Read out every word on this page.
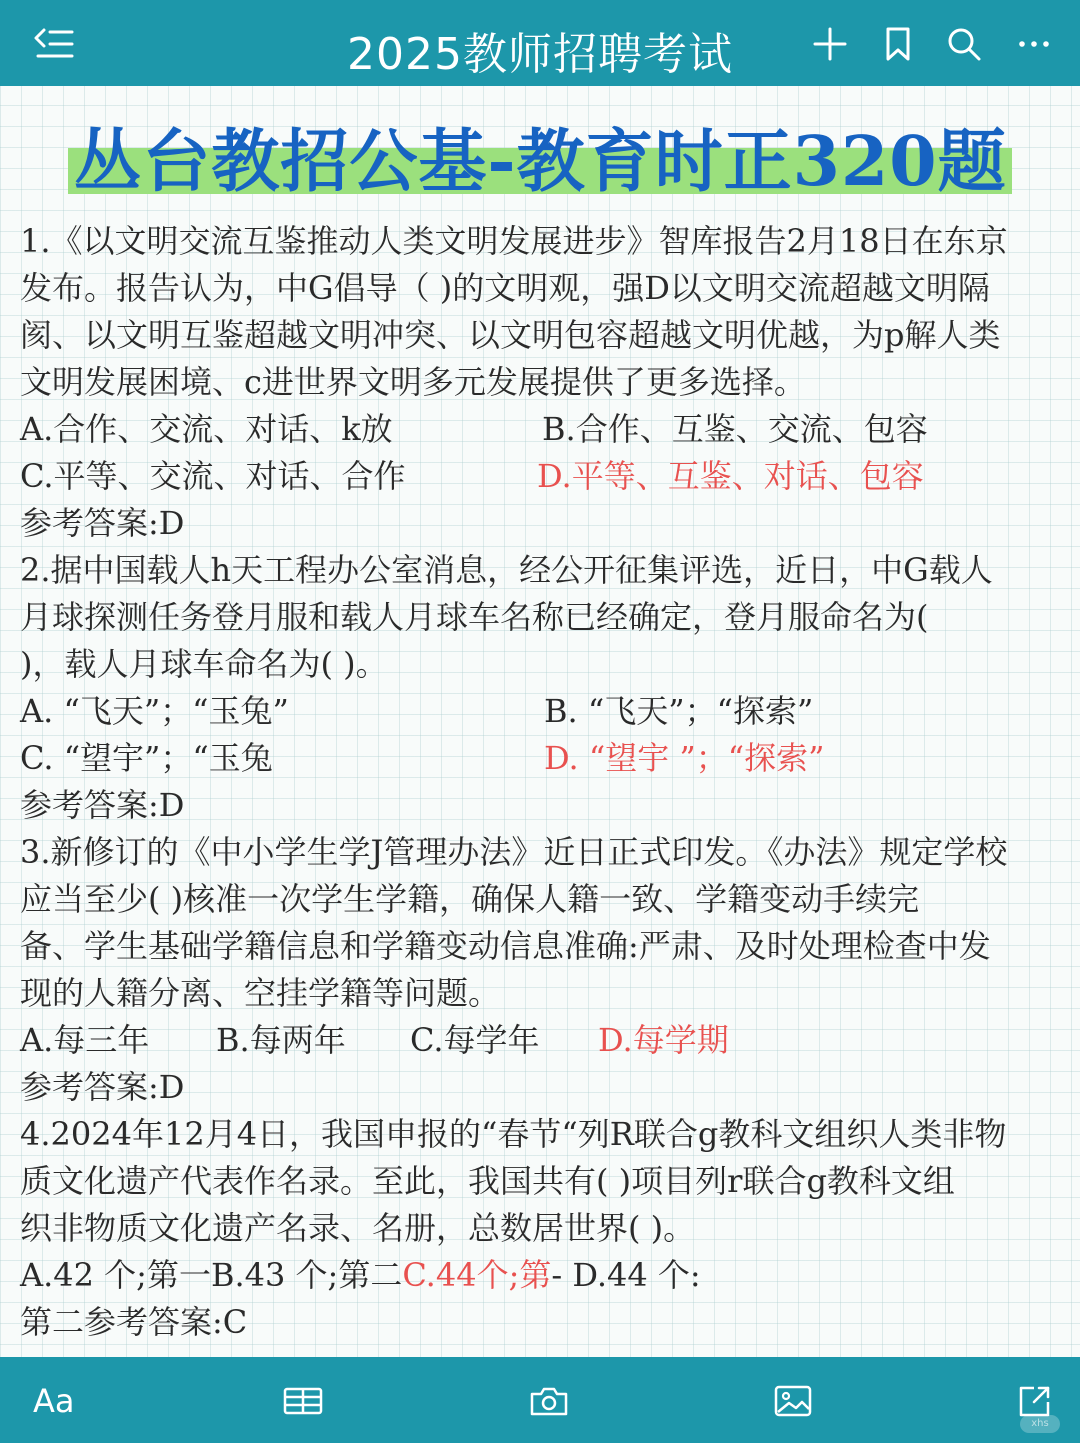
2025教师招聘考试
丛台教招公基-教育时正320题
1.《以文明交流互鉴推动人类文明发展进步》智库报告2月18日在东京
发布。报告认为，中G倡导（ )的文明观，强D以文明交流超越文明隔
阂、以文明互鉴超越文明冲突、以文明包容超越文明优越，为p解人类
文明发展困境、c进世界文明多元发展提供了更多选择。
A.合作、交流、对话、k放	B.合作、互鉴、交流、包容
C.平等、交流、对话、合作	D.平等、互鉴、对话、包容
参考答案:D
2.据中国载人h天工程办公室消息，经公开征集评选，近日，中G载人
月球探测任务登月服和载人月球车名称已经确定，登月服命名为(
)，载人月球车命名为( )。
A. “飞天”；“玉兔”	B. “飞天”；“探索”
C. “望宇”；“玉兔	D. “望宇 ”；“探索”
参考答案:D
3.新修订的《中小学生学J管理办法》近日正式印发。《办法》规定学校
应当至少( )核准一次学生学籍，确保人籍一致、学籍变动手续完
备、学生基础学籍信息和学籍变动信息准确:严肃、及时处理检查中发
现的人籍分离、空挂学籍等问题。
A.每三年 B.每两年 C.每学年 D.每学期
参考答案:D
4.2024年12月4日，我国申报的“春节“列R联合g教科文组织人类非物
质文化遗产代表作名录。至此，我国共有( )项目列r联合g教科文组
织非物质文化遗产名录、名册，总数居世界( )。
A.42 个;第一B.43 个;第二C.44个;第- D.44 个:
第二参考答案:C
Aa
xhs
